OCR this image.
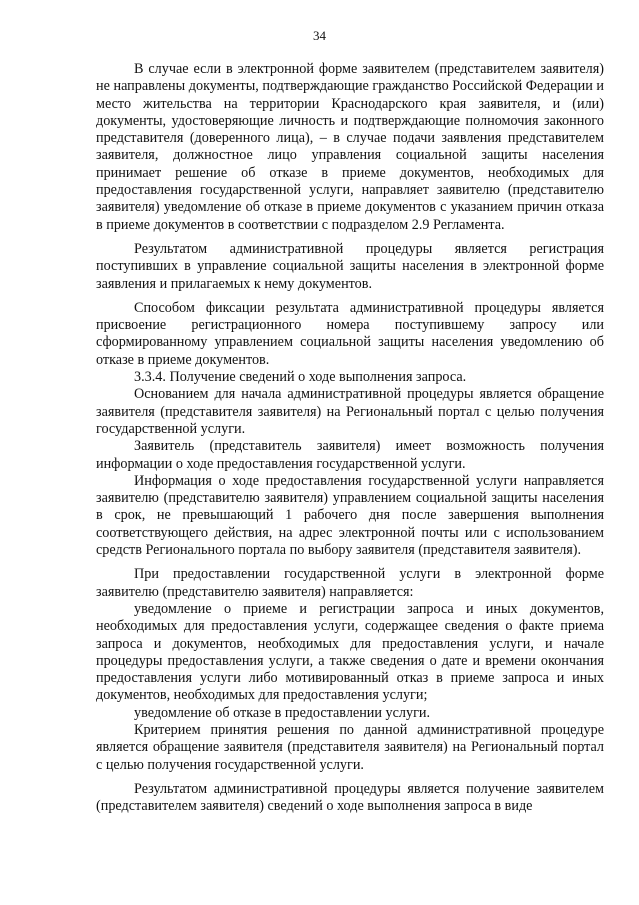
34

В случае если в электронной форме заявителем (представителем заявителя) не направлены документы, подтверждающие гражданство Российской Федерации и место жительства на территории Краснодарского края заявителя, и (или) документы, удостоверяющие личность и подтверждающие полномочия законного представителя (доверенного лица), – в случае подачи заявления представителем заявителя, должностное лицо управления социальной защиты населения принимает решение об отказе в приеме документов, необходимых для предоставления государственной услуги, направляет заявителю (представителю заявителя) уведомление об отказе в приеме документов с указанием причин отказа в приеме документов в соответствии с подразделом 2.9 Регламента.

Результатом административной процедуры является регистрация поступивших в управление социальной защиты населения в электронной форме заявления и прилагаемых к нему документов.

Способом фиксации результата административной процедуры является присвоение регистрационного номера поступившему запросу или сформированному управлением социальной защиты населения уведомлению об отказе в приеме документов.

3.3.4. Получение сведений о ходе выполнения запроса.

Основанием для начала административной процедуры является обращение заявителя (представителя заявителя) на Региональный портал с целью получения государственной услуги.

Заявитель (представитель заявителя) имеет возможность получения информации о ходе предоставления государственной услуги.

Информация о ходе предоставления государственной услуги направляется заявителю (представителю заявителя) управлением социальной защиты населения в срок, не превышающий 1 рабочего дня после завершения выполнения соответствующего действия, на адрес электронной почты или с использованием средств Регионального портала по выбору заявителя (представителя заявителя).

При предоставлении государственной услуги в электронной форме заявителю (представителю заявителя) направляется:

уведомление о приеме и регистрации запроса и иных документов, необходимых для предоставления услуги, содержащее сведения о факте приема запроса и документов, необходимых для предоставления услуги, и начале процедуры предоставления услуги, а также сведения о дате и времени окончания предоставления услуги либо мотивированный отказ в приеме запроса и иных документов, необходимых для предоставления услуги;

уведомление об отказе в предоставлении услуги.

Критерием принятия решения по данной административной процедуре является обращение заявителя (представителя заявителя) на Региональный портал с целью получения государственной услуги.

Результатом административной процедуры является получение заявителем (представителем заявителя) сведений о ходе выполнения запроса в виде
